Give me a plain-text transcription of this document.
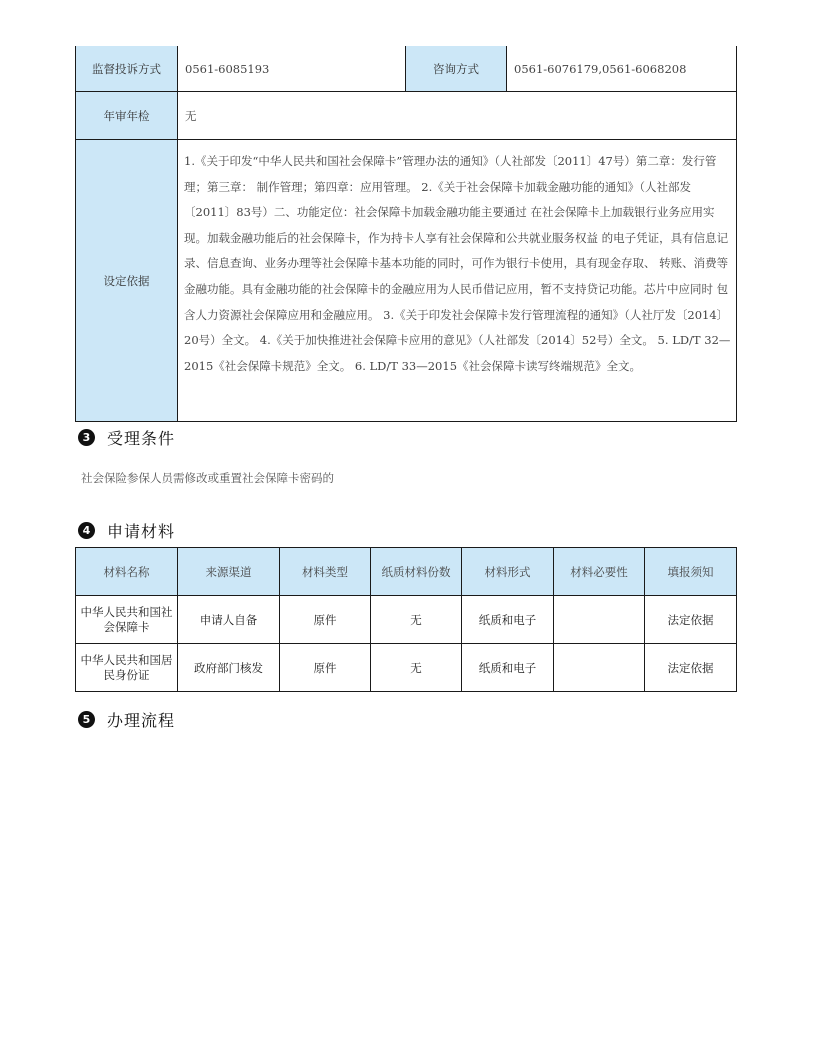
监督投诉方式	0561-6085193	咨询方式	0561-6076179,0561-6068208
年审年检	无		
设定依据	1.《关于印发“中华人民共和国社会保障卡”管理办法的通知》（人社部发〔2011〕47号）第二章：发行管理；第三章： 制作管理；第四章：应用管理。 2.《关于社会保障卡加载金融功能的通知》（人社部发〔2011〕83号）二、功能定位：社会保障卡加载金融功能主要通过 在社会保障卡上加载银行业务应用实现。加载金融功能后的社会保障卡，作为持卡人享有社会保障和公共就业服务权益 的电子凭证，具有信息记录、信息查询、业务办理等社会保障卡基本功能的同时，可作为银行卡使用，具有现金存取、 转账、消费等金融功能。具有金融功能的社会保障卡的金融应用为人民币借记应用，暂不支持贷记功能。芯片中应同时 包含人力资源社会保障应用和金融应用。 3.《关于印发社会保障卡发行管理流程的通知》（人社厅发〔2014〕20号）全文。 4.《关于加快推进社会保障卡应用的意见》（人社部发〔2014〕52号）全文。 5. LD/T 32—2015《社会保障卡规范》全文。 6. LD/T 33—2015《社会保障卡读写终端规范》全文。		
3 受理条件
社会保险参保人员需修改或重置社会保障卡密码的
4 申请材料
材料名称	来源渠道	材料类型	纸质材料份数	材料形式	材料必要性	填报须知
中华人民共和国社会保障卡	申请人自备	原件	无	纸质和电子		法定依据
中华人民共和国居民身份证	政府部门核发	原件	无	纸质和电子		法定依据
5 办理流程
